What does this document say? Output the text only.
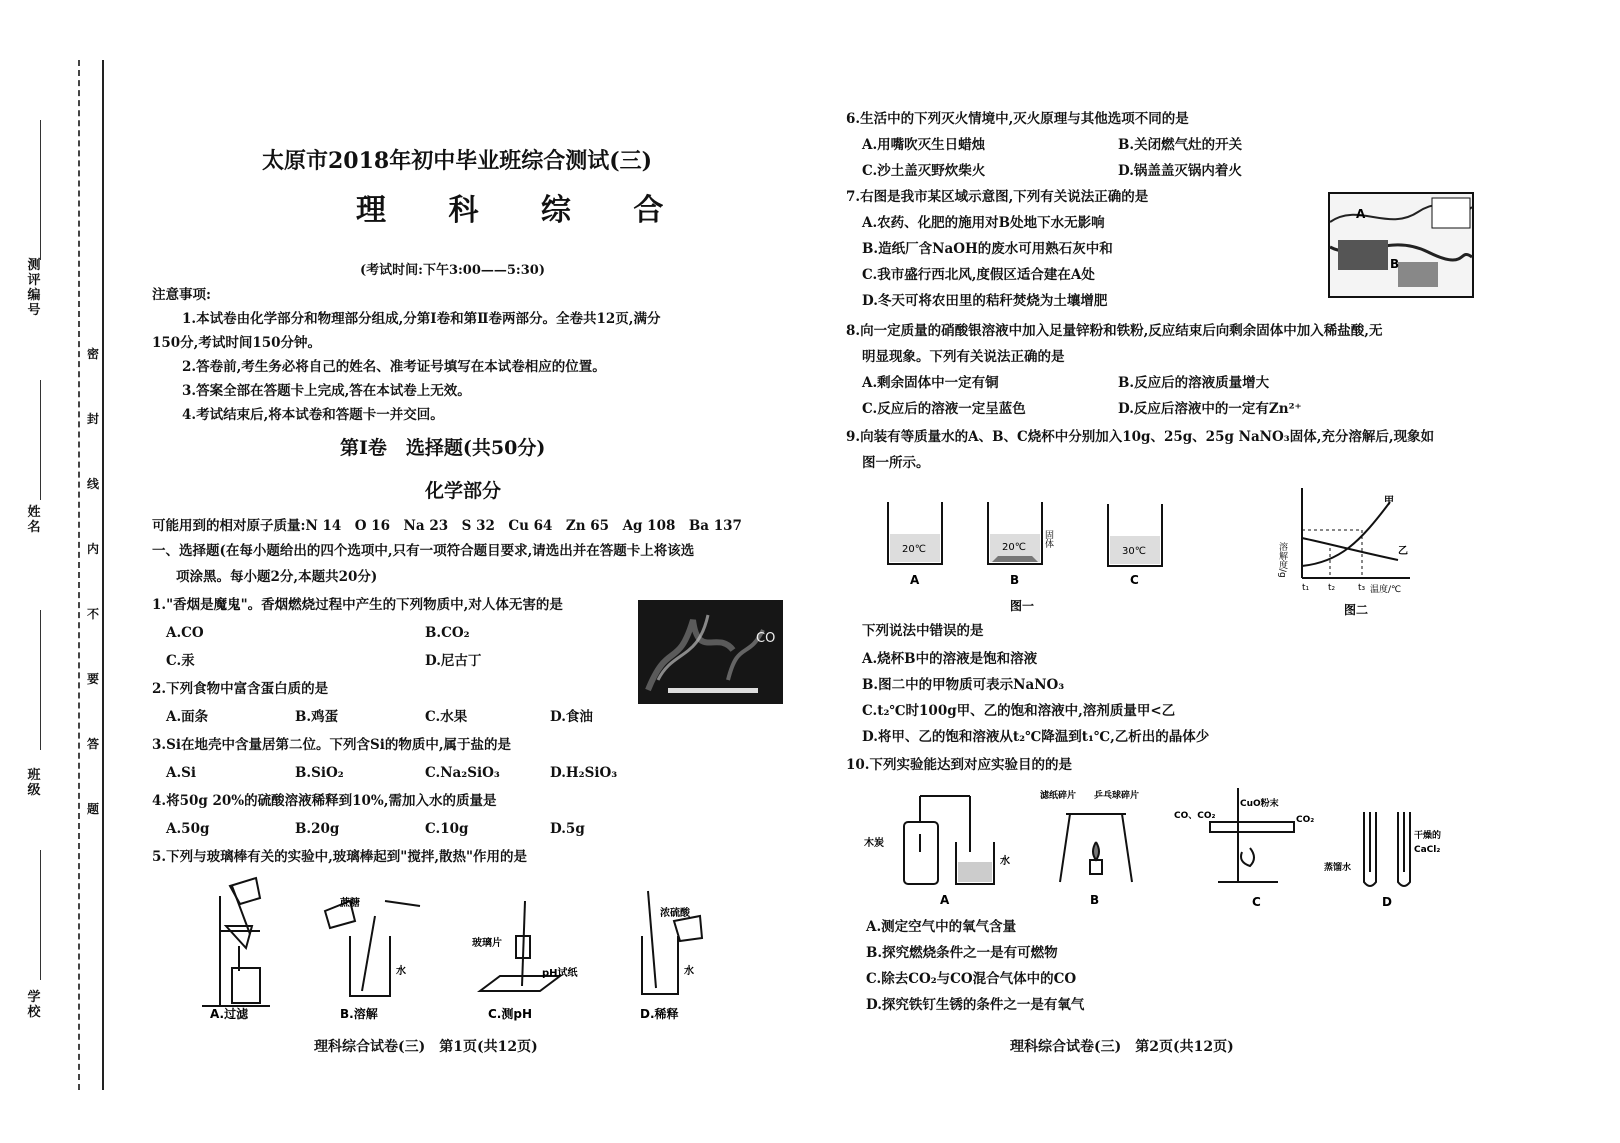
测评编号
姓名
班级
学校
密
封
线
内
不
要
答
题
太原市2018年初中毕业班综合测试(三)
理 科 综 合
(考试时间:下午3:00——5:30)
注意事项:
1.本试卷由化学部分和物理部分组成,分第Ⅰ卷和第Ⅱ卷两部分。全卷共12页,满分
150分,考试时间150分钟。
2.答卷前,考生务必将自己的姓名、准考证号填写在本试卷相应的位置。
3.答案全部在答题卡上完成,答在本试卷上无效。
4.考试结束后,将本试卷和答题卡一并交回。
第Ⅰ卷　选择题(共50分)
化学部分
可能用到的相对原子质量:N 14　O 16　Na 23　S 32　Cu 64　Zn 65　Ag 108　Ba 137
一、选择题(在每小题给出的四个选项中,只有一项符合题目要求,请选出并在答题卡上将该选
项涂黑。每小题2分,本题共20分)
1."香烟是魔鬼"。香烟燃烧过程中产生的下列物质中,对人体无害的是
A.CO	B.CO₂
C.汞	D.尼古丁
CO
2.下列食物中富含蛋白质的是
A.面条	B.鸡蛋	C.水果	D.食油
3.Si在地壳中含量居第二位。下列含Si的物质中,属于盐的是
A.Si	B.SiO₂	C.Na₂SiO₃	D.H₂SiO₃
4.将50g 20%的硫酸溶液稀释到10%,需加入水的质量是
A.50g	B.20g	C.10g	D.5g
5.下列与玻璃棒有关的实验中,玻璃棒起到"搅拌,散热"作用的是
A.过滤
蔗糖
水
B.溶解
玻璃片
pH试纸
C.测pH
浓硫酸
水
D.稀释
理科综合试卷(三)　第1页(共12页)
6.生活中的下列灭火情境中,灭火原理与其他选项不同的是
A.用嘴吹灭生日蜡烛	B.关闭燃气灶的开关
C.沙土盖灭野炊柴火	D.锅盖盖灭锅内着火
7.右图是我市某区域示意图,下列有关说法正确的是
A.农药、化肥的施用对B处地下水无影响
B.造纸厂含NaOH的废水可用熟石灰中和
C.我市盛行西北风,度假区适合建在A处
D.冬天可将农田里的秸秆焚烧为土壤增肥
A
B
8.向一定质量的硝酸银溶液中加入足量锌粉和铁粉,反应结束后向剩余固体中加入稀盐酸,无
明显现象。下列有关说法正确的是
A.剩余固体中一定有铜	B.反应后的溶液质量增大
C.反应后的溶液一定呈蓝色	D.反应后溶液中的一定有Zn²⁺
9.向装有等质量水的A、B、C烧杯中分别加入10g、25g、25g NaNO₃固体,充分溶解后,现象如
图一所示。
20℃
A
20℃ 固体
B
图一
30℃
C
溶解度/g
温度/℃
甲
乙
t₁ t₂	t₃
图二
下列说法中错误的是
A.烧杯B中的溶液是饱和溶液
B.图二中的甲物质可表示NaNO₃
C.t₂℃时100g甲、乙的饱和溶液中,溶剂质量甲<乙
D.将甲、乙的饱和溶液从t₂℃降温到t₁℃,乙析出的晶体少
10.下列实验能达到对应实验目的的是
木炭
水
A
滤纸碎片 乒乓球碎片
B
CuO粉末
CO、CO₂	CO₂
C
蒸馏水
干燥的
CaCl₂
D
A.测定空气中的氧气含量
B.探究燃烧条件之一是有可燃物
C.除去CO₂与CO混合气体中的CO
D.探究铁钉生锈的条件之一是有氧气
理科综合试卷(三)　第2页(共12页)
